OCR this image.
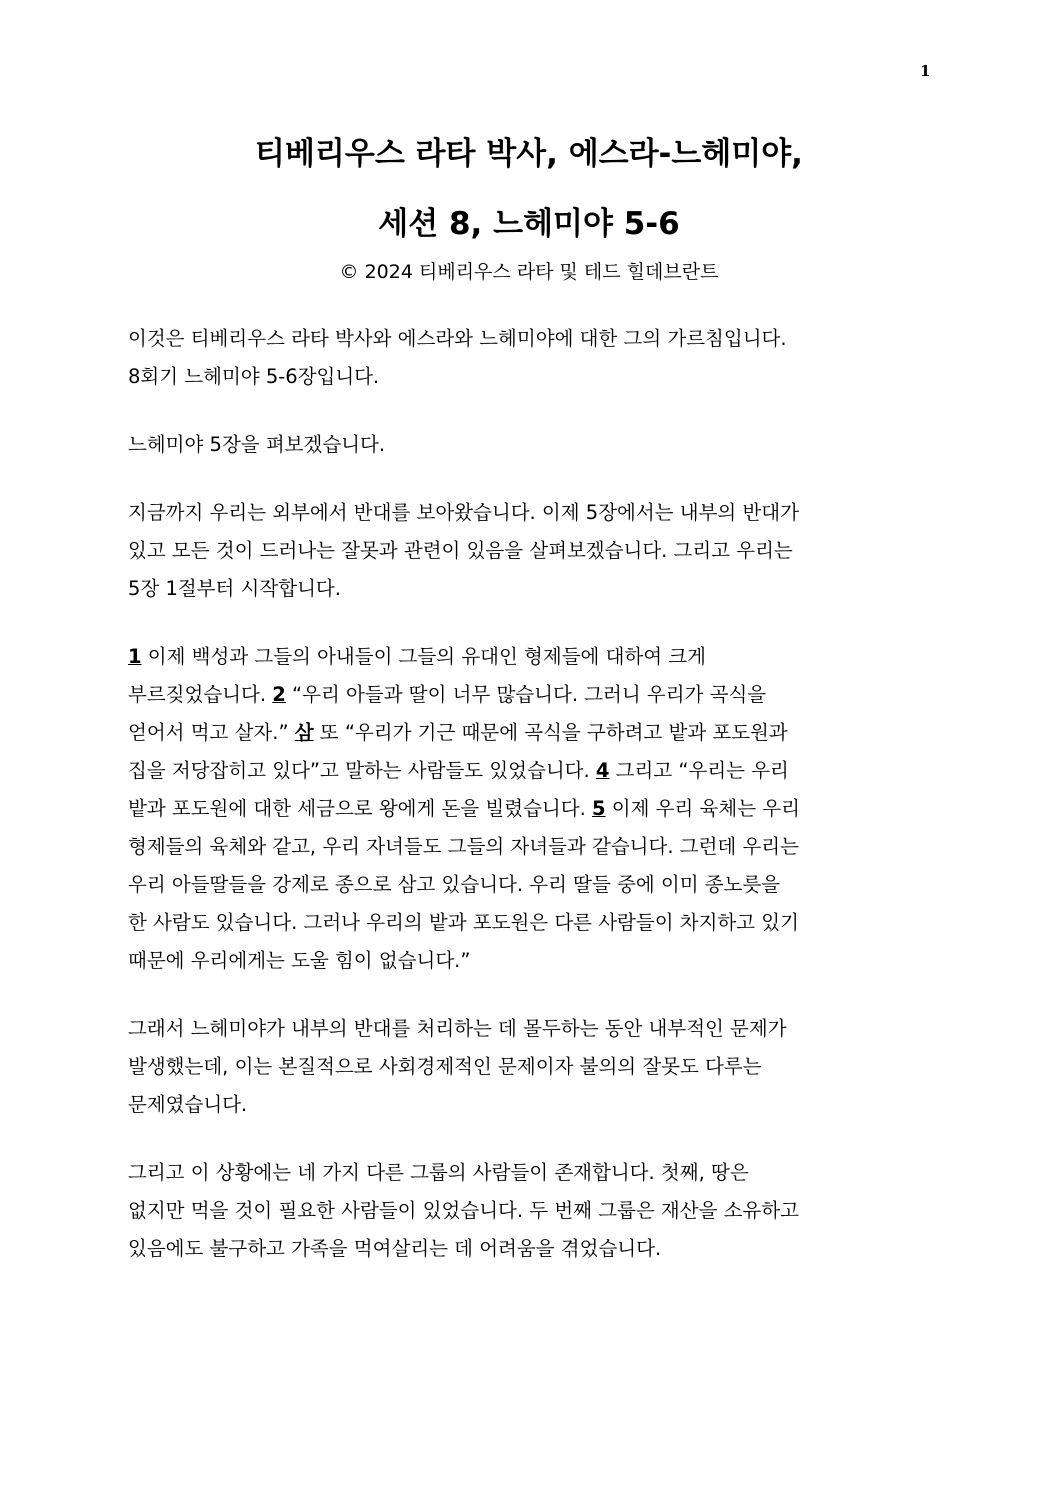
1
티베리우스 라타 박사, 에스라-느헤미야,
세션 8, 느헤미야 5-6
© 2024 티베리우스 라타 및 테드 힐데브란트
이것은 티베리우스 라타 박사와 에스라와 느헤미야에 대한 그의 가르침입니다.
8회기 느헤미야 5-6장입니다.
느헤미야 5장을 펴보겠습니다.
지금까지 우리는 외부에서 반대를 보아왔습니다. 이제 5장에서는 내부의 반대가
있고 모든 것이 드러나는 잘못과 관련이 있음을 살펴보겠습니다. 그리고 우리는
5장 1절부터 시작합니다.
1 이제 백성과 그들의 아내들이 그들의 유대인 형제들에 대하여 크게
부르짖었습니다. 2 “우리 아들과 딸이 너무 많습니다. 그러니 우리가 곡식을
얻어서 먹고 살자.” 삼 또 “우리가 기근 때문에 곡식을 구하려고 밭과 포도원과
집을 저당잡히고 있다”고 말하는 사람들도 있었습니다. 4 그리고 “우리는 우리
밭과 포도원에 대한 세금으로 왕에게 돈을 빌렸습니다. 5 이제 우리 육체는 우리
형제들의 육체와 같고, 우리 자녀들도 그들의 자녀들과 같습니다. 그런데 우리는
우리 아들딸들을 강제로 종으로 삼고 있습니다. 우리 딸들 중에 이미 종노릇을
한 사람도 있습니다. 그러나 우리의 밭과 포도원은 다른 사람들이 차지하고 있기
때문에 우리에게는 도울 힘이 없습니다.”
그래서 느헤미야가 내부의 반대를 처리하는 데 몰두하는 동안 내부적인 문제가
발생했는데, 이는 본질적으로 사회경제적인 문제이자 불의의 잘못도 다루는
문제였습니다.
그리고 이 상황에는 네 가지 다른 그룹의 사람들이 존재합니다. 첫째, 땅은
없지만 먹을 것이 필요한 사람들이 있었습니다. 두 번째 그룹은 재산을 소유하고
있음에도 불구하고 가족을 먹여살리는 데 어려움을 겪었습니다.
